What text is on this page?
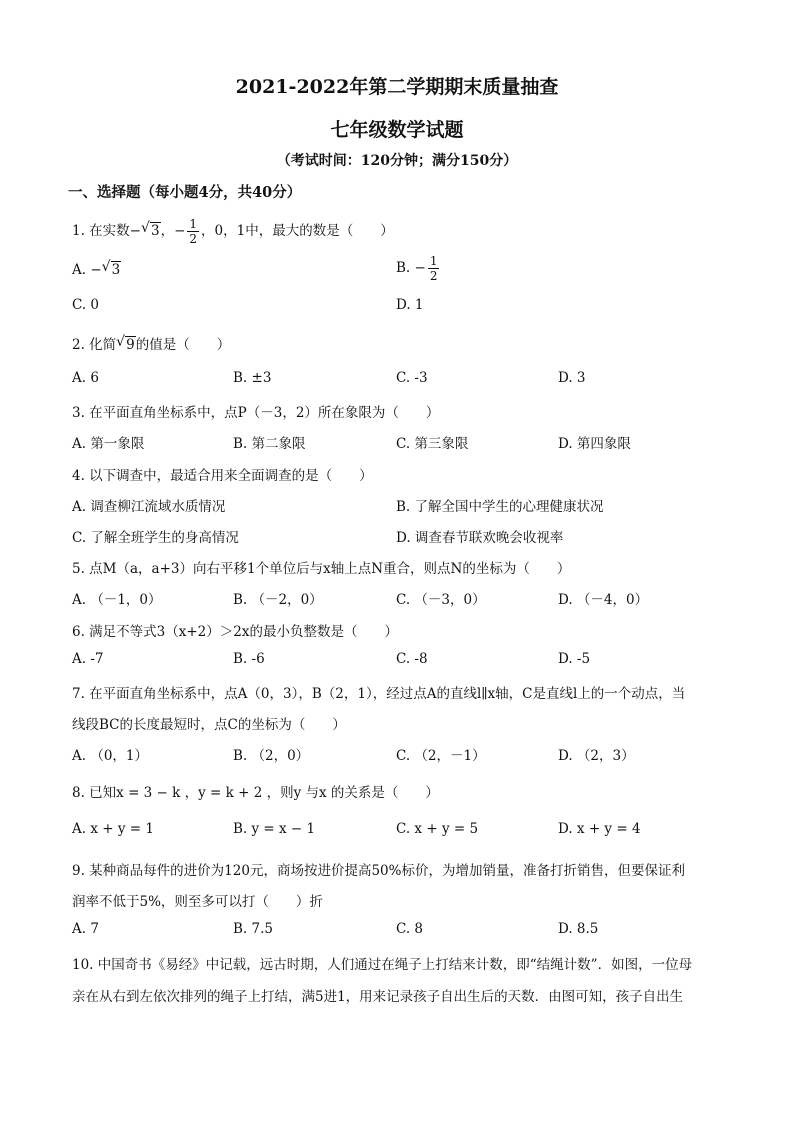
2021-2022年第二学期期末质量抽查
七年级数学试题
（考试时间：120分钟；满分150分）
一、选择题（每小题4分，共40分）
1. 在实数− √ 3，− $\frac{1}{2}$ ，0，1中，最大的数是（　　）
A. − √ 3	B. − $\frac{1}{2}$
C. 0	D. 1
2. 化简 √ 9的值是（　　）
A. 6	B. ±3	C. -3	D. 3
3. 在平面直角坐标系中，点P（－3，2）所在象限为（　　）
A. 第一象限	B. 第二象限	C. 第三象限	D. 第四象限
4. 以下调查中，最适合用来全面调查的是（　　）
A. 调查柳江流域水质情况	B. 了解全国中学生的心理健康状况
C. 了解全班学生的身高情况	D. 调查春节联欢晚会收视率
5. 点M（a，a+3）向右平移1个单位后与x轴上点N重合，则点N的坐标为（　　）
A. （－1，0）	B. （－2，0）	C. （－3，0）	D. （－4，0）
6. 满足不等式3（x+2）＞2x的最小负整数是（　　）
A. -7	B. -6	C. -8	D. -5
7. 在平面直角坐标系中，点A（0，3），B（2，1），经过点A的直线l∥x轴，C是直线l上的一个动点，当
线段BC的长度最短时，点C的坐标为（　　）
A. （0，1）	B. （2，0）	C. （2，－1）	D. （2，3）
8. 已知x = 3 − k ，y = k + 2 ，则y 与x 的关系是（　　）
A. x + y = 1	B. y = x − 1	C. x + y = 5	D. x + y = 4
9. 某种商品每件的进价为120元，商场按进价提高50%标价，为增加销量，准备打折销售，但要保证利
润率不低于5%，则至多可以打（　　）折
A. 7	B. 7.5	C. 8	D. 8.5
10. 中国奇书《易经》中记载，远古时期，人们通过在绳子上打结来计数，即“结绳计数”．如图，一位母
亲在从右到左依次排列的绳子上打结，满5进1，用来记录孩子自出生后的天数．由图可知，孩子自出生
